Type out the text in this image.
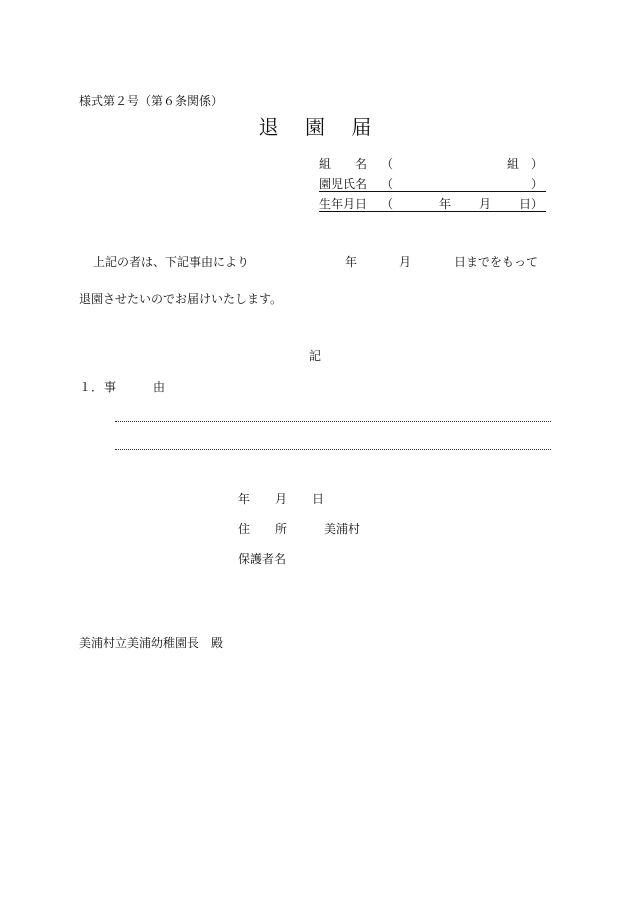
様式第２号（第６条関係）
退 園 届
組　　名 （	組 ）
園児氏名 （	）
生年月日 （	年 月 日）
上記の者は、下記事由により	年	月	日までをもって
退園させたいのでお届けいたします。
記
１． 事	由
年 月 日
住 所	美浦村
保護者名
美浦村立美浦幼稚園長　殿
